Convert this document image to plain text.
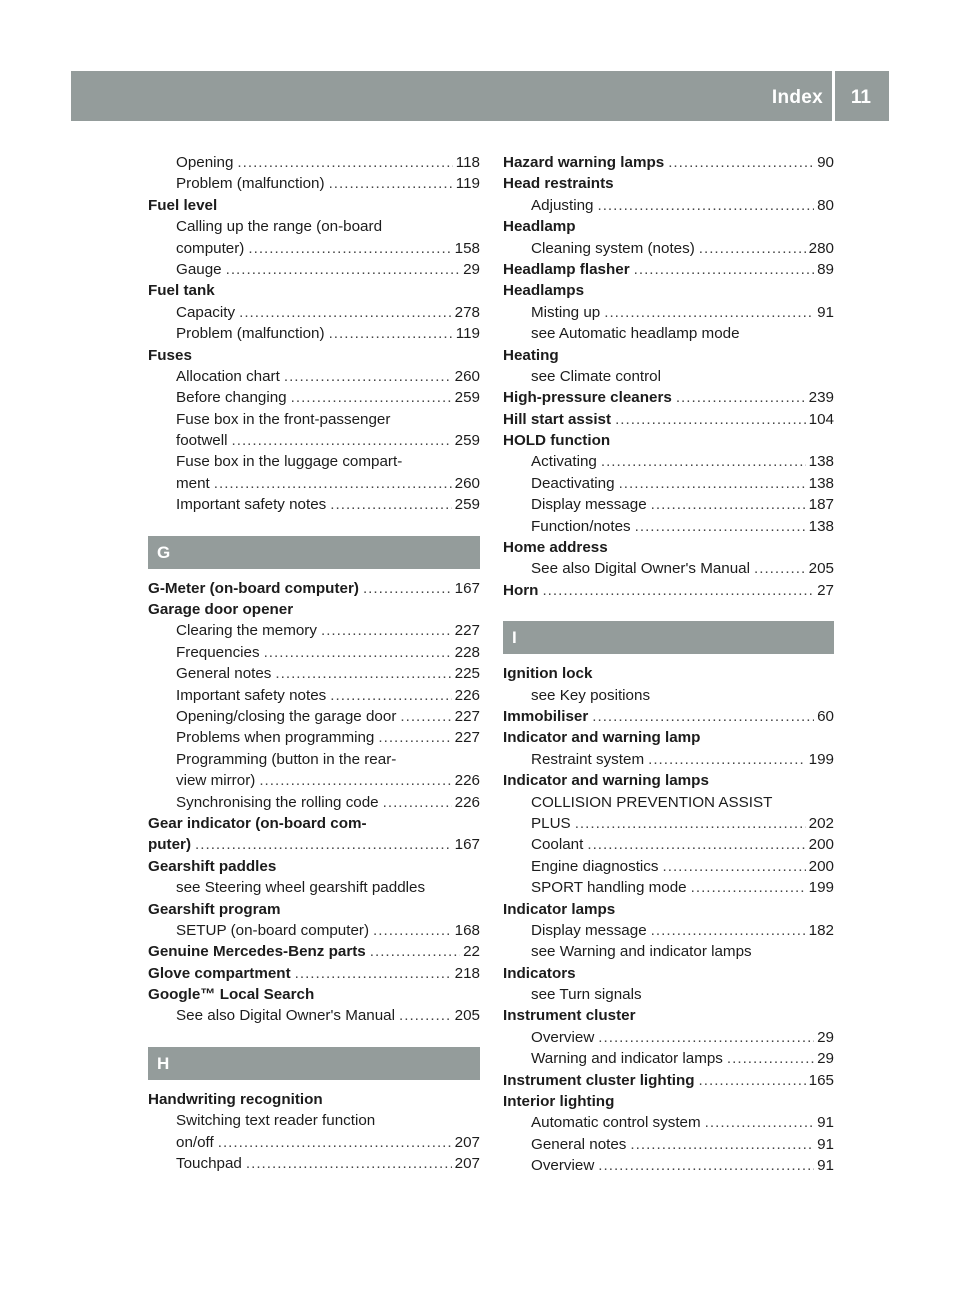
Index 11
Opening .....	118
Problem (malfunction) .....	119
Fuel level
Calling up the range (on-board
computer) .....	158
Gauge .....	29
Fuel tank
Capacity .....	278
Problem (malfunction) .....	119
Fuses
Allocation chart .....	260
Before changing .....	259
Fuse box in the front-passenger
footwell .....	259
Fuse box in the luggage compart-
ment .....	260
Important safety notes .....	259
G
G-Meter (on-board computer) .....	167
Garage door opener
Clearing the memory .....	227
Frequencies .....	228
General notes .....	225
Important safety notes .....	226
Opening/closing the garage door .....	227
Problems when programming .....	227
Programming (button in the rear-
view mirror) .....	226
Synchronising the rolling code .....	226
Gear indicator (on-board com-
puter) .....	167
Gearshift paddles
see Steering wheel gearshift paddles
Gearshift program
SETUP (on-board computer) .....	168
Genuine Mercedes-Benz parts .....	22
Glove compartment .....	218
Google™ Local Search
See also Digital Owner's Manual .....	205
H
Handwriting recognition
Switching text reader function
on/off .....	207
Touchpad .....	207
Hazard warning lamps .....	90
Head restraints
Adjusting .....	80
Headlamp
Cleaning system (notes) .....	280
Headlamp flasher .....	89
Headlamps
Misting up .....	91
see Automatic headlamp mode
Heating
see Climate control
High-pressure cleaners .....	239
Hill start assist .....	104
HOLD function
Activating .....	138
Deactivating .....	138
Display message .....	187
Function/notes .....	138
Home address
See also Digital Owner's Manual .....	205
Horn .....	27
I
Ignition lock
see Key positions
Immobiliser .....	60
Indicator and warning lamp
Restraint system .....	199
Indicator and warning lamps
COLLISION PREVENTION ASSIST
PLUS .....	202
Coolant .....	200
Engine diagnostics .....	200
SPORT handling mode .....	199
Indicator lamps
Display message .....	182
see Warning and indicator lamps
Indicators
see Turn signals
Instrument cluster
Overview .....	29
Warning and indicator lamps .....	29
Instrument cluster lighting .....	165
Interior lighting
Automatic control system .....	91
General notes .....	91
Overview .....	91
